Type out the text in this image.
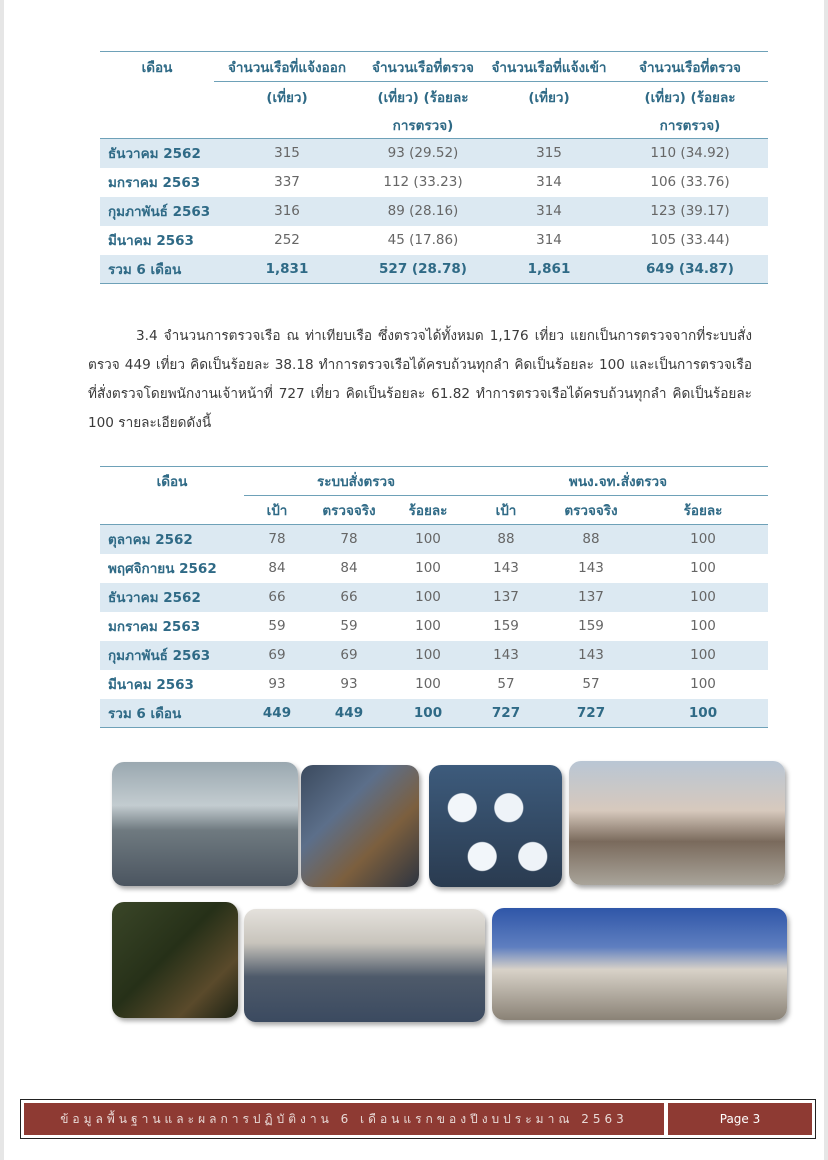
เดือน	จำนวนเรือที่แจ้งออก	จำนวนเรือที่ตรวจ	จำนวนเรือที่แจ้งเข้า	จำนวนเรือที่ตรวจ
	(เที่ยว)	(เที่ยว) (ร้อยละ	(เที่ยว)	(เที่ยว) (ร้อยละ
		การตรวจ)		การตรวจ)
ธันวาคม 2562	315	93 (29.52)	315	110 (34.92)
มกราคม 2563	337	112 (33.23)	314	106 (33.76)
กุมภาพันธ์ 2563	316	89 (28.16)	314	123 (39.17)
มีนาคม 2563	252	45 (17.86)	314	105 (33.44)
รวม 6 เดือน	1,831	527 (28.78)	1,861	649 (34.87)

3.4 จำนวนการตรวจเรือ ณ ท่าเทียบเรือ ซึ่งตรวจได้ทั้งหมด 1,176 เที่ยว แยกเป็นการตรวจจากที่ระบบสั่งตรวจ 449 เที่ยว คิดเป็นร้อยละ 38.18 ทำการตรวจเรือได้ครบถ้วนทุกลำ คิดเป็นร้อยละ 100 และเป็นการตรวจเรือที่สั่งตรวจโดยพนักงานเจ้าหน้าที่ 727 เที่ยว คิดเป็นร้อยละ 61.82 ทำการตรวจเรือได้ครบถ้วนทุกลำ คิดเป็นร้อยละ 100 รายละเอียดดังนี้

เดือน	ระบบสั่งตรวจ			พนง.จท.สั่งตรวจ		
	เป้า	ตรวจจริง	ร้อยละ	เป้า	ตรวจจริง	ร้อยละ
ตุลาคม 2562	78	78	100	88	88	100
พฤศจิกายน 2562	84	84	100	143	143	100
ธันวาคม 2562	66	66	100	137	137	100
มกราคม 2563	59	59	100	159	159	100
กุมภาพันธ์ 2563	69	69	100	143	143	100
มีนาคม 2563	93	93	100	57	57	100
รวม 6 เดือน	449	449	100	727	727	100
ข้อมูลพื้นฐานและผลการปฏิบัติงาน 6 เดือนแรกของปีงบประมาณ 2563	Page 3
